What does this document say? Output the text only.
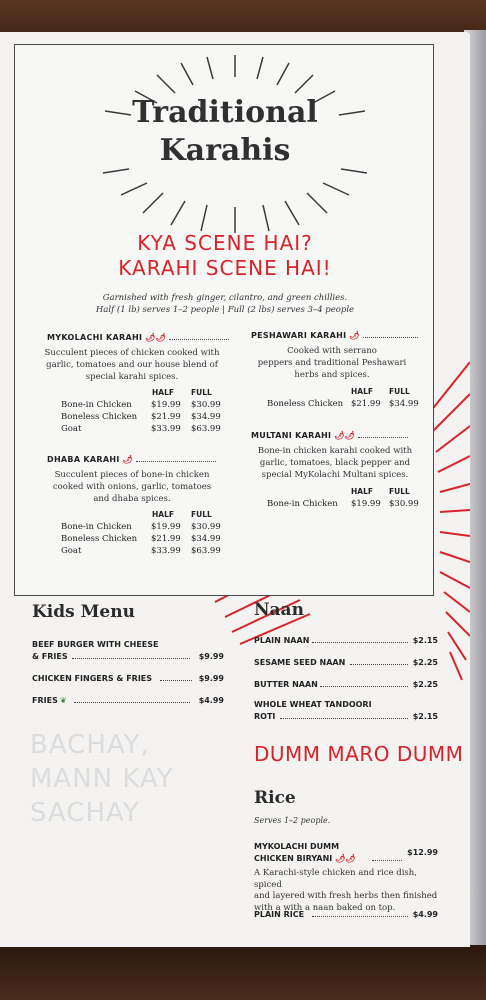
Traditional
Karahis
KYA SCENE HAI?
KARAHI SCENE HAI!
Garnished with fresh ginger, cilantro, and green chillies.
Half (1 lb) serves 1–2 people | Full (2 lbs) serves 3–4 people
MYKOLACHI KARAHI 🌶🌶
Succulent pieces of chicken cooked with
garlic, tomatoes and our house blend of
special karahi spices.
HALF FULL
Bone-in Chicken $19.99 $30.99
Boneless Chicken $21.99 $34.99
Goat	$33.99 $63.99
DHABA KARAHI 🌶
Succulent pieces of bone-in chicken
cooked with onions, garlic, tomatoes
and dhaba spices.
HALF FULL
Bone-in Chicken $19.99 $30.99
Boneless Chicken $21.99 $34.99
Goat	$33.99 $63.99
PESHAWARI KARAHI 🌶
Cooked with serrano
peppers and traditional Peshawari
herbs and spices.
HALF FULL
Boneless Chicken $21.99 $34.99
MULTANI KARAHI 🌶🌶
Bone-in chicken karahi cooked with
garlic, tomatoes, black pepper and
special MyKolachi Multani spices.
HALF FULL
Bone-in Chicken $19.99 $30.99
Kids Menu
BEEF BURGER WITH CHEESE
& FRIES	$9.99
CHICKEN FINGERS & FRIES	$9.99
FRIES ❦	$4.99
BACHAY,
MANN KAY
SACHAY
Naan
PLAIN NAAN	$2.15
SESAME SEED NAAN	$2.25
BUTTER NAAN	$2.25
WHOLE WHEAT TANDOORI
ROTI	$2.15
DUMM MARO DUMM
Rice
Serves 1–2 people.
MYKOLACHI DUMM
CHICKEN BIRYANI 🌶🌶
$12.99
A Karachi-style chicken and rice dish, spiced
and layered with fresh herbs then finished
with a with a naan baked on top.
PLAIN RICE	$4.99
